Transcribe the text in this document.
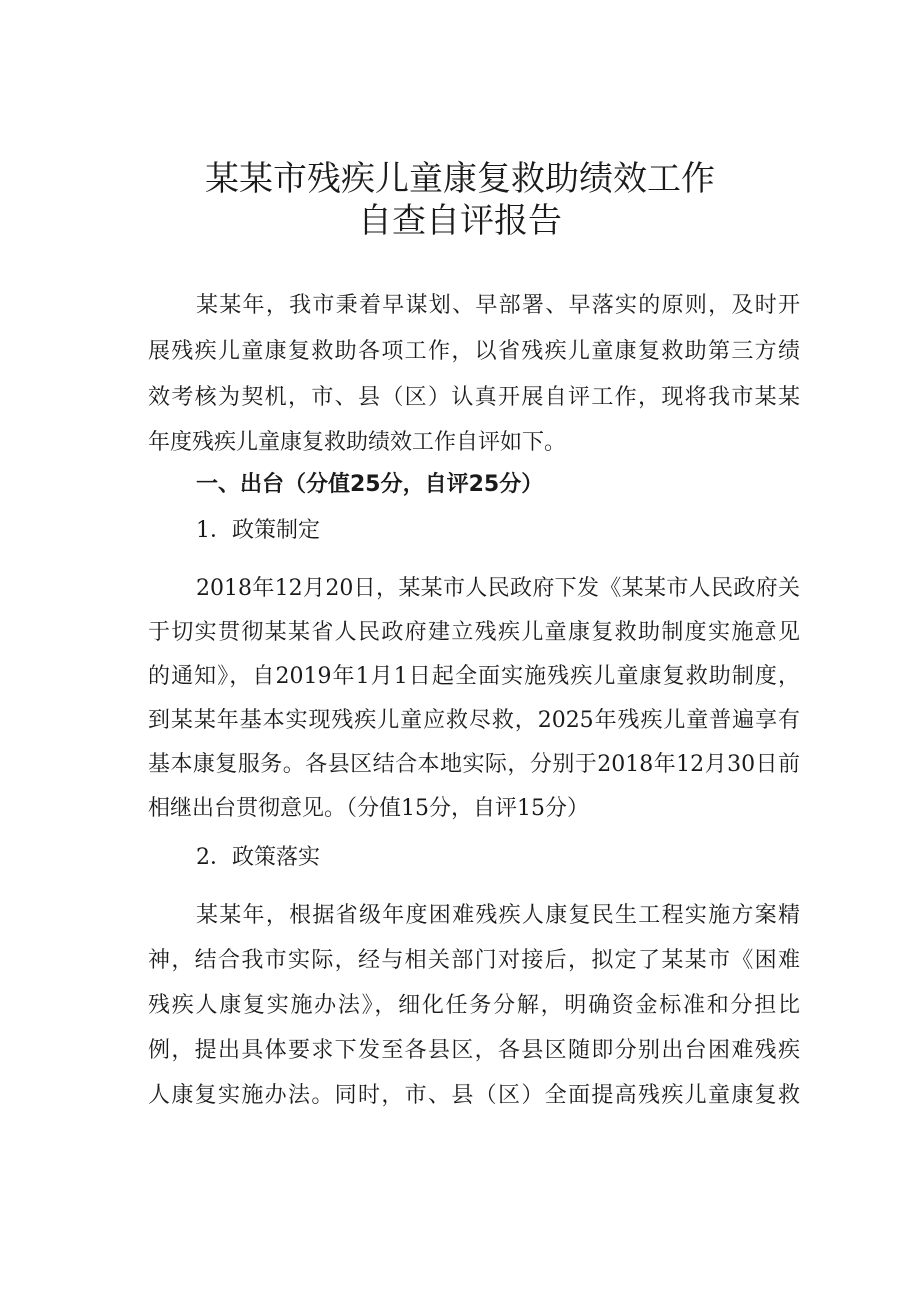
某某市残疾儿童康复救助绩效工作
自查自评报告
某某年，我市秉着早谋划、早部署、早落实的原则，及时开
展残疾儿童康复救助各项工作，以省残疾儿童康复救助第三方绩
效考核为契机，市、县（区）认真开展自评工作，现将我市某某
年度残疾儿童康复救助绩效工作自评如下。
一、出台（分值25分，自评25分）
1．政策制定
2018年12月20日，某某市人民政府下发《某某市人民政府关
于切实贯彻某某省人民政府建立残疾儿童康复救助制度实施意见
的通知》，自2019年1月1日起全面实施残疾儿童康复救助制度，
到某某年基本实现残疾儿童应救尽救，2025年残疾儿童普遍享有
基本康复服务。各县区结合本地实际，分别于2018年12月30日前
相继出台贯彻意见。（分值15分，自评15分）
2．政策落实
某某年，根据省级年度困难残疾人康复民生工程实施方案精
神，结合我市实际，经与相关部门对接后，拟定了某某市《困难
残疾人康复实施办法》，细化任务分解，明确资金标准和分担比
例，提出具体要求下发至各县区，各县区随即分别出台困难残疾
人康复实施办法。同时，市、县（区）全面提高残疾儿童康复救
